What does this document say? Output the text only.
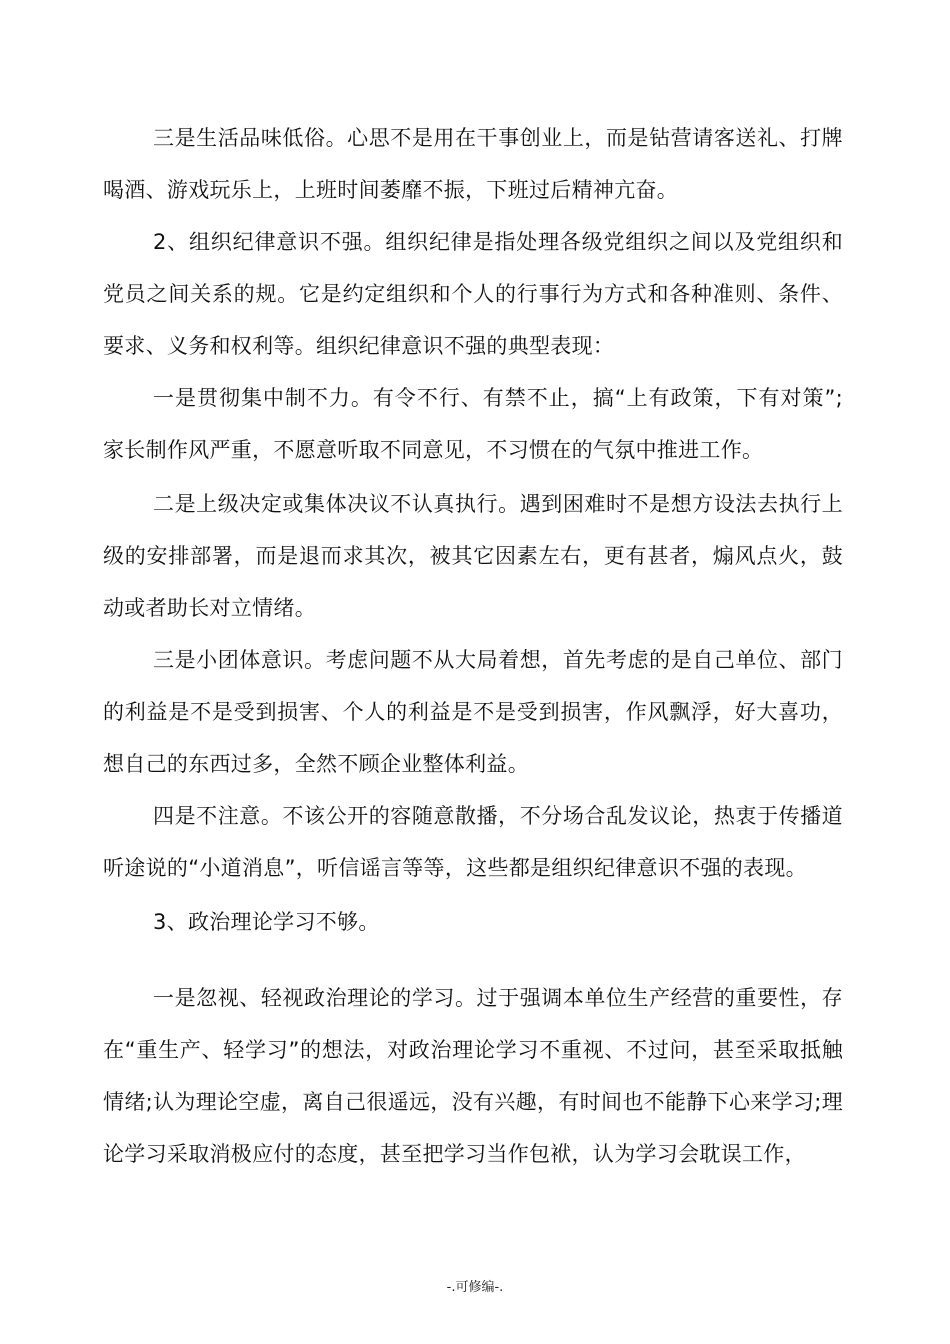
三是生活品味低俗。心思不是用在干事创业上，而是钻营请客送礼、打牌喝酒、游戏玩乐上，上班时间萎靡不振，下班过后精神亢奋。

2、组织纪律意识不强。组织纪律是指处理各级党组织之间以及党组织和党员之间关系的规。它是约定组织和个人的行事行为方式和各种准则、条件、要求、义务和权利等。组织纪律意识不强的典型表现：

一是贯彻集中制不力。有令不行、有禁不止，搞“上有政策，下有对策”;家长制作风严重，不愿意听取不同意见，不习惯在的气氛中推进工作。

二是上级决定或集体决议不认真执行。遇到困难时不是想方设法去执行上级的安排部署，而是退而求其次，被其它因素左右，更有甚者，煽风点火，鼓动或者助长对立情绪。

三是小团体意识。考虑问题不从大局着想，首先考虑的是自己单位、部门的利益是不是受到损害、个人的利益是不是受到损害，作风飘浮，好大喜功，想自己的东西过多，全然不顾企业整体利益。

四是不注意。不该公开的容随意散播，不分场合乱发议论，热衷于传播道听途说的“小道消息”，听信谣言等等，这些都是组织纪律意识不强的表现。

3、政治理论学习不够。

一是忽视、轻视政治理论的学习。过于强调本单位生产经营的重要性，存在“重生产、轻学习”的想法，对政治理论学习不重视、不过问，甚至采取抵触情绪;认为理论空虚，离自己很遥远，没有兴趣，有时间也不能静下心来学习;理论学习采取消极应付的态度，甚至把学习当作包袱，认为学习会耽误工作，

-.可修编-.
